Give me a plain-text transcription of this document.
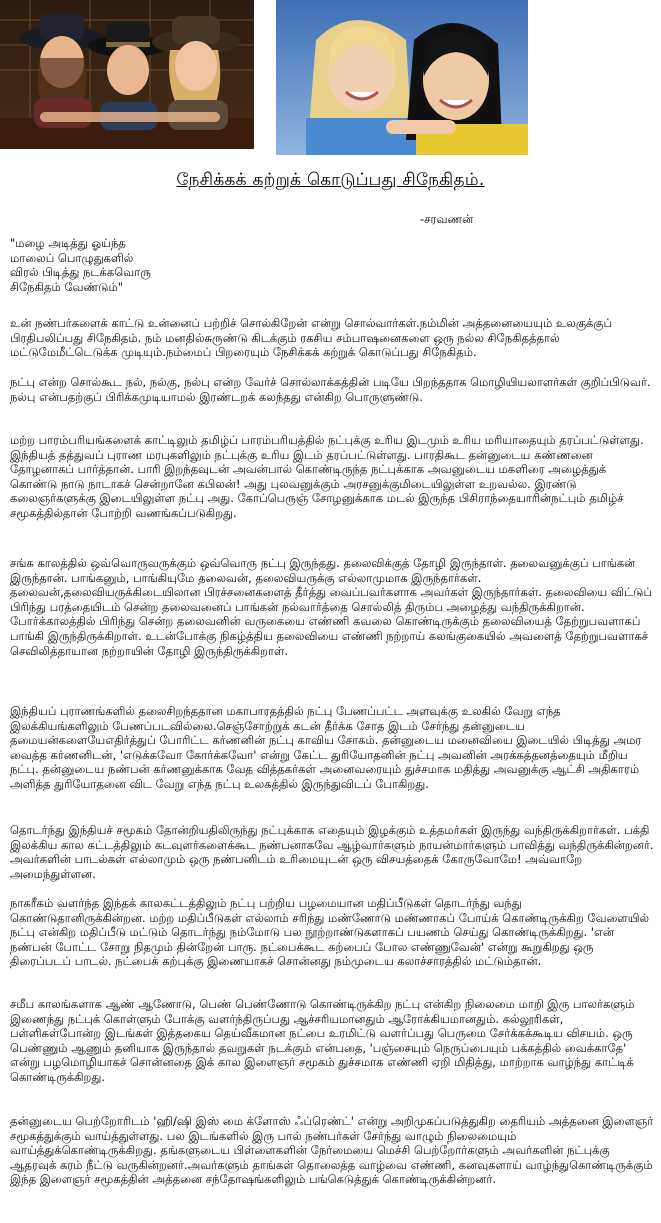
நேசிக்கக் கற்றுக் கொடுப்பது சிநேகிதம்.
-சரவணன்
"மழை அடித்து ஓய்ந்த
மாலைப் பொழுதுகளில்
விரல் பிடித்து நடக்கவொரு
சிநேகிதம் வேண்டும்"

உன் நண்பர்களைக் காட்டு உன்னைப் பற்றிச் சொல்கிறேன் என்று சொல்வார்கள்.நம்மின் அத்தனையையும் உலகுக்குப் பிரதிபலிப்பது சிநேகிதம். நம் மனதில்சுருண்டு கிடக்கும் ரகசிய சம்பாஷனைகளை ஒரு நல்ல சிநேகிதத்தால் மட்டுமேமீட்டெடுக்க முடியும்.நம்மைப் பிறரையும் நேசிக்கக் கற்றுக் கொடுப்பது சிநேகிதம்.

நட்பு என்ற சொல்கூட நல், நல்கு, நல்பு என்ற வேர்ச் சொல்லாக்கத்தின் படியே பிறந்ததாக மொழியியலாளர்கள் குறிப்பிடுவர். நல்பு என்பதற்குப் பிரிக்கமுடியாமல் இரண்டறக் கலந்தது என்கிற பொருளுண்டு.

மற்ற பாரம்பரியங்களைக் காட்டிலும் தமிழ்ப் பாரம்பரியத்தில் நட்புக்கு உரிய இடமும் உரிய மரியாதையும் தரப்பட்டுள்ளது. இந்தியத் தத்துவப் புராண மரபுகளிலும் நட்புக்கு உரிய இடம் தரப்பட்டுள்ளது. பாரதிகூட தன்னுடைய கண்ணனை தோழனாகப் பார்த்தான். பாரி இறந்தவுடன் அவன்பால் கொண்டிருந்த நட்புக்காக அவனுடைய மகளிரை அழைத்துக் கொண்டு நாடு நாடாகச் சென்றானே கபிலன்! அது புலவனுக்கும் அரசனுக்குமிடையிலுள்ள உறவல்ல. இரண்டு கலைஞர்களுக்கு இடையிலுள்ள நட்பு அது. கோப்பெருஞ் சோழனுக்காக மடல் இருந்த பிசிராந்தையாரின்நட்பும் தமிழ்ச் சமூகத்தில்தான் போற்றி வணங்கப்படுகிறது.

சங்க காலத்தில் ஒவ்வொருவருக்கும் ஒவ்வொரு நட்பு இருந்தது. தலைவிக்குத் தோழி இருந்தாள். தலைவனுக்குப் பாங்கன் இருந்தான். பாங்கனும், பாங்கியுமே தலைவன், தலைவியருக்கு எல்லாமுமாக இருந்தார்கள். தலைவன்,தலைவியருக்கிடையிலான பிரச்சனைகளைத் தீர்த்து வைப்பவர்களாக அவர்கள் இருந்தார்கள். தலைவியை விட்டுப் பிரிந்து பரத்தையிடம் சென்ற தலைவனைப் பாங்கன் நல்வார்த்தை சொல்லித் திரும்ப அழைத்து வந்திருக்கிறான். போர்க்காலத்தில் பிரிந்து சென்ற தலைவனின் வருகையை எண்ணி கவலை கொண்டிருக்கும் தலைவியைத் தேற்றுபவளாகப் பாங்கி இருந்திருக்கிறாள். உடன்போக்கு நிகழ்த்திய தலைவியை எண்ணி நற்றாய் கலங்குகையில் அவளைத் தேற்றுபவளாகச் செவிலித்தாயான நற்றாயின் தோழி இருந்திருக்கிறாள்.

இந்தியப் புராணங்களில் தலைசிறந்ததான மகாபாரதத்தில் நட்பு பேணப்பட்ட அளவுக்கு உலகில் வேறு எந்த இலக்கியங்களிலும் பேணப்படவில்லை.செஞ்சோற்றுக் கடன் தீர்க்க சோத இடம் சேர்ந்து தன்னுடைய தமையன்களையேஎதிர்த்துப் போரிட்ட கர்ணனின் நட்பு காவிய சோகம். தன்னுடைய மனைவியை இடையில் பிடித்து அமர வைத்த கர்ணனிடன், 'எடுக்கவோ கோர்க்கவோ' என்று கேட்ட துரியோதனின் நட்பு அவனின் அரக்கத்தனத்தையும் மீறிய நட்பு. தன்னுடைய நண்பன் கர்ணனுக்காக வேத வித்தகர்கள் அனைவரையும் துச்சமாக மதித்து அவனுக்கு ஆட்சி அதிகாரம் அளித்த துரியோதனை விட வேறு எந்த நட்பு உலகத்தில் இருந்துவிடப் போகிறது.

தொடர்ந்து இந்தியச் சமூகம் தோன்றியதிலிருந்து நட்புக்காக எதையும் இழக்கும் உத்தமர்கள் இருந்து வந்திருக்கிறார்கள். பக்தி இலக்கிய கால கட்டத்திலும் கடவுளர்களைக்கூட நண்பனாகவே ஆழ்வார்களும் நாயன்மார்களும் பாவித்து வந்திருக்கின்றனர். அவர்களின் பாடல்கள் எல்லாமும் ஒரு நண்பனிடம் உரிமையுடன் ஒரு விசயத்தைக் கோருவோமே! அவ்வாறே அமைந்துள்ளன.

நாகரீகம் வளர்ந்த இந்தக் காலகட்டத்திலும் நட்பு பற்றிய பழமையான மதிப்பீடுகள் தொடர்ந்து வந்து கொண்டுதானிருக்கின்றன. மற்ற மதிப்பீடுகள் எல்லாம் சரிந்து மண்ணோடு மண்ணாகப் போய்க் கொண்டிருக்கிற வேளையில் நட்பு என்கிற மதிப்பீடு மட்டும் தொடர்ந்து நம்மோடு பல நூற்றாண்டுகளாகப் பயணம் செய்து கொண்டிருக்கிறது. 'என் நண்பன் போட்ட சோறு நிதமும் தின்றேன் பாரு. நட்பைக்கூட கற்பைப் போல எண்ணுவேன்' என்று கூறுகிறது ஒரு திரைப்படப் பாடல். நட்பைக் கற்புக்கு இணையாகச் சொன்னது நம்முடைய கலாச்சாரத்தில் மட்டும்தான்.

சமீப காலங்களாக ஆண் ஆணோடு, பெண் பெண்ணோடு கொண்டிருக்கிற நட்பு என்கிற நிலைமை மாறி இரு பாலர்களும் இணைந்து நட்புக் கொள்ளும் போக்கு வளர்ந்திருப்பது ஆச்சரியமானதும் ஆரோக்கியமானதும். கல்லூரிகள், பள்ளிகள்போன்ற இடங்கள் இத்தகைய தெய்வீகமான நட்பை உரமிட்டு வளர்ப்பது பெருமை சேர்க்கக்கூடிய விசயம். ஒரு பெண்ணும் ஆணும் தனியாக இருந்தால் தவறுகள் நடக்கும் என்பதை, 'பஞ்சையும் நெருப்பையும் பக்கத்தில் வைக்காதே' என்று பழமொழியாகச் சொன்னதை இக் கால இளைஞர் சமூகம் துச்சமாக எண்ணி ஏறி மிதித்து, மாற்றாக வாழ்ந்து காட்டிக் கொண்டிருக்கிறது.

தன்னுடைய பெற்றோரிடம் 'ஹி/ஷி இஸ் மை க்ளோஸ் ஃப்ரெண்ட்' என்று அறிமுகப்படுத்துகிற தைரியம் அத்தனை இளைஞர் சமூகத்துக்கும் வாய்த்துள்ளது. பல இடங்களில் இரு பால் நண்பர்கள் சேர்ந்து வாழும் நிலைமையும் வாய்த்துக்கொண்டிருக்கிறது. தங்களுடைய பிள்ளைகளின் நேர்மையை மெச்சி பெற்றோர்களும் அவர்களின் நட்புக்கு ஆதரவுக் கரம் நீட்டு வருகின்றனர்.அவர்களும் தாங்கள் தொலைத்த வாழ்வை எண்ணி, கனவுகளாய் வாழ்ந்துகொண்டிருக்கும் இந்த இளைஞர் சமூகத்தின் அத்தனை சந்தோஷங்களிலும் பங்கெடுத்துக் கொண்டிருக்கின்றனர்.
